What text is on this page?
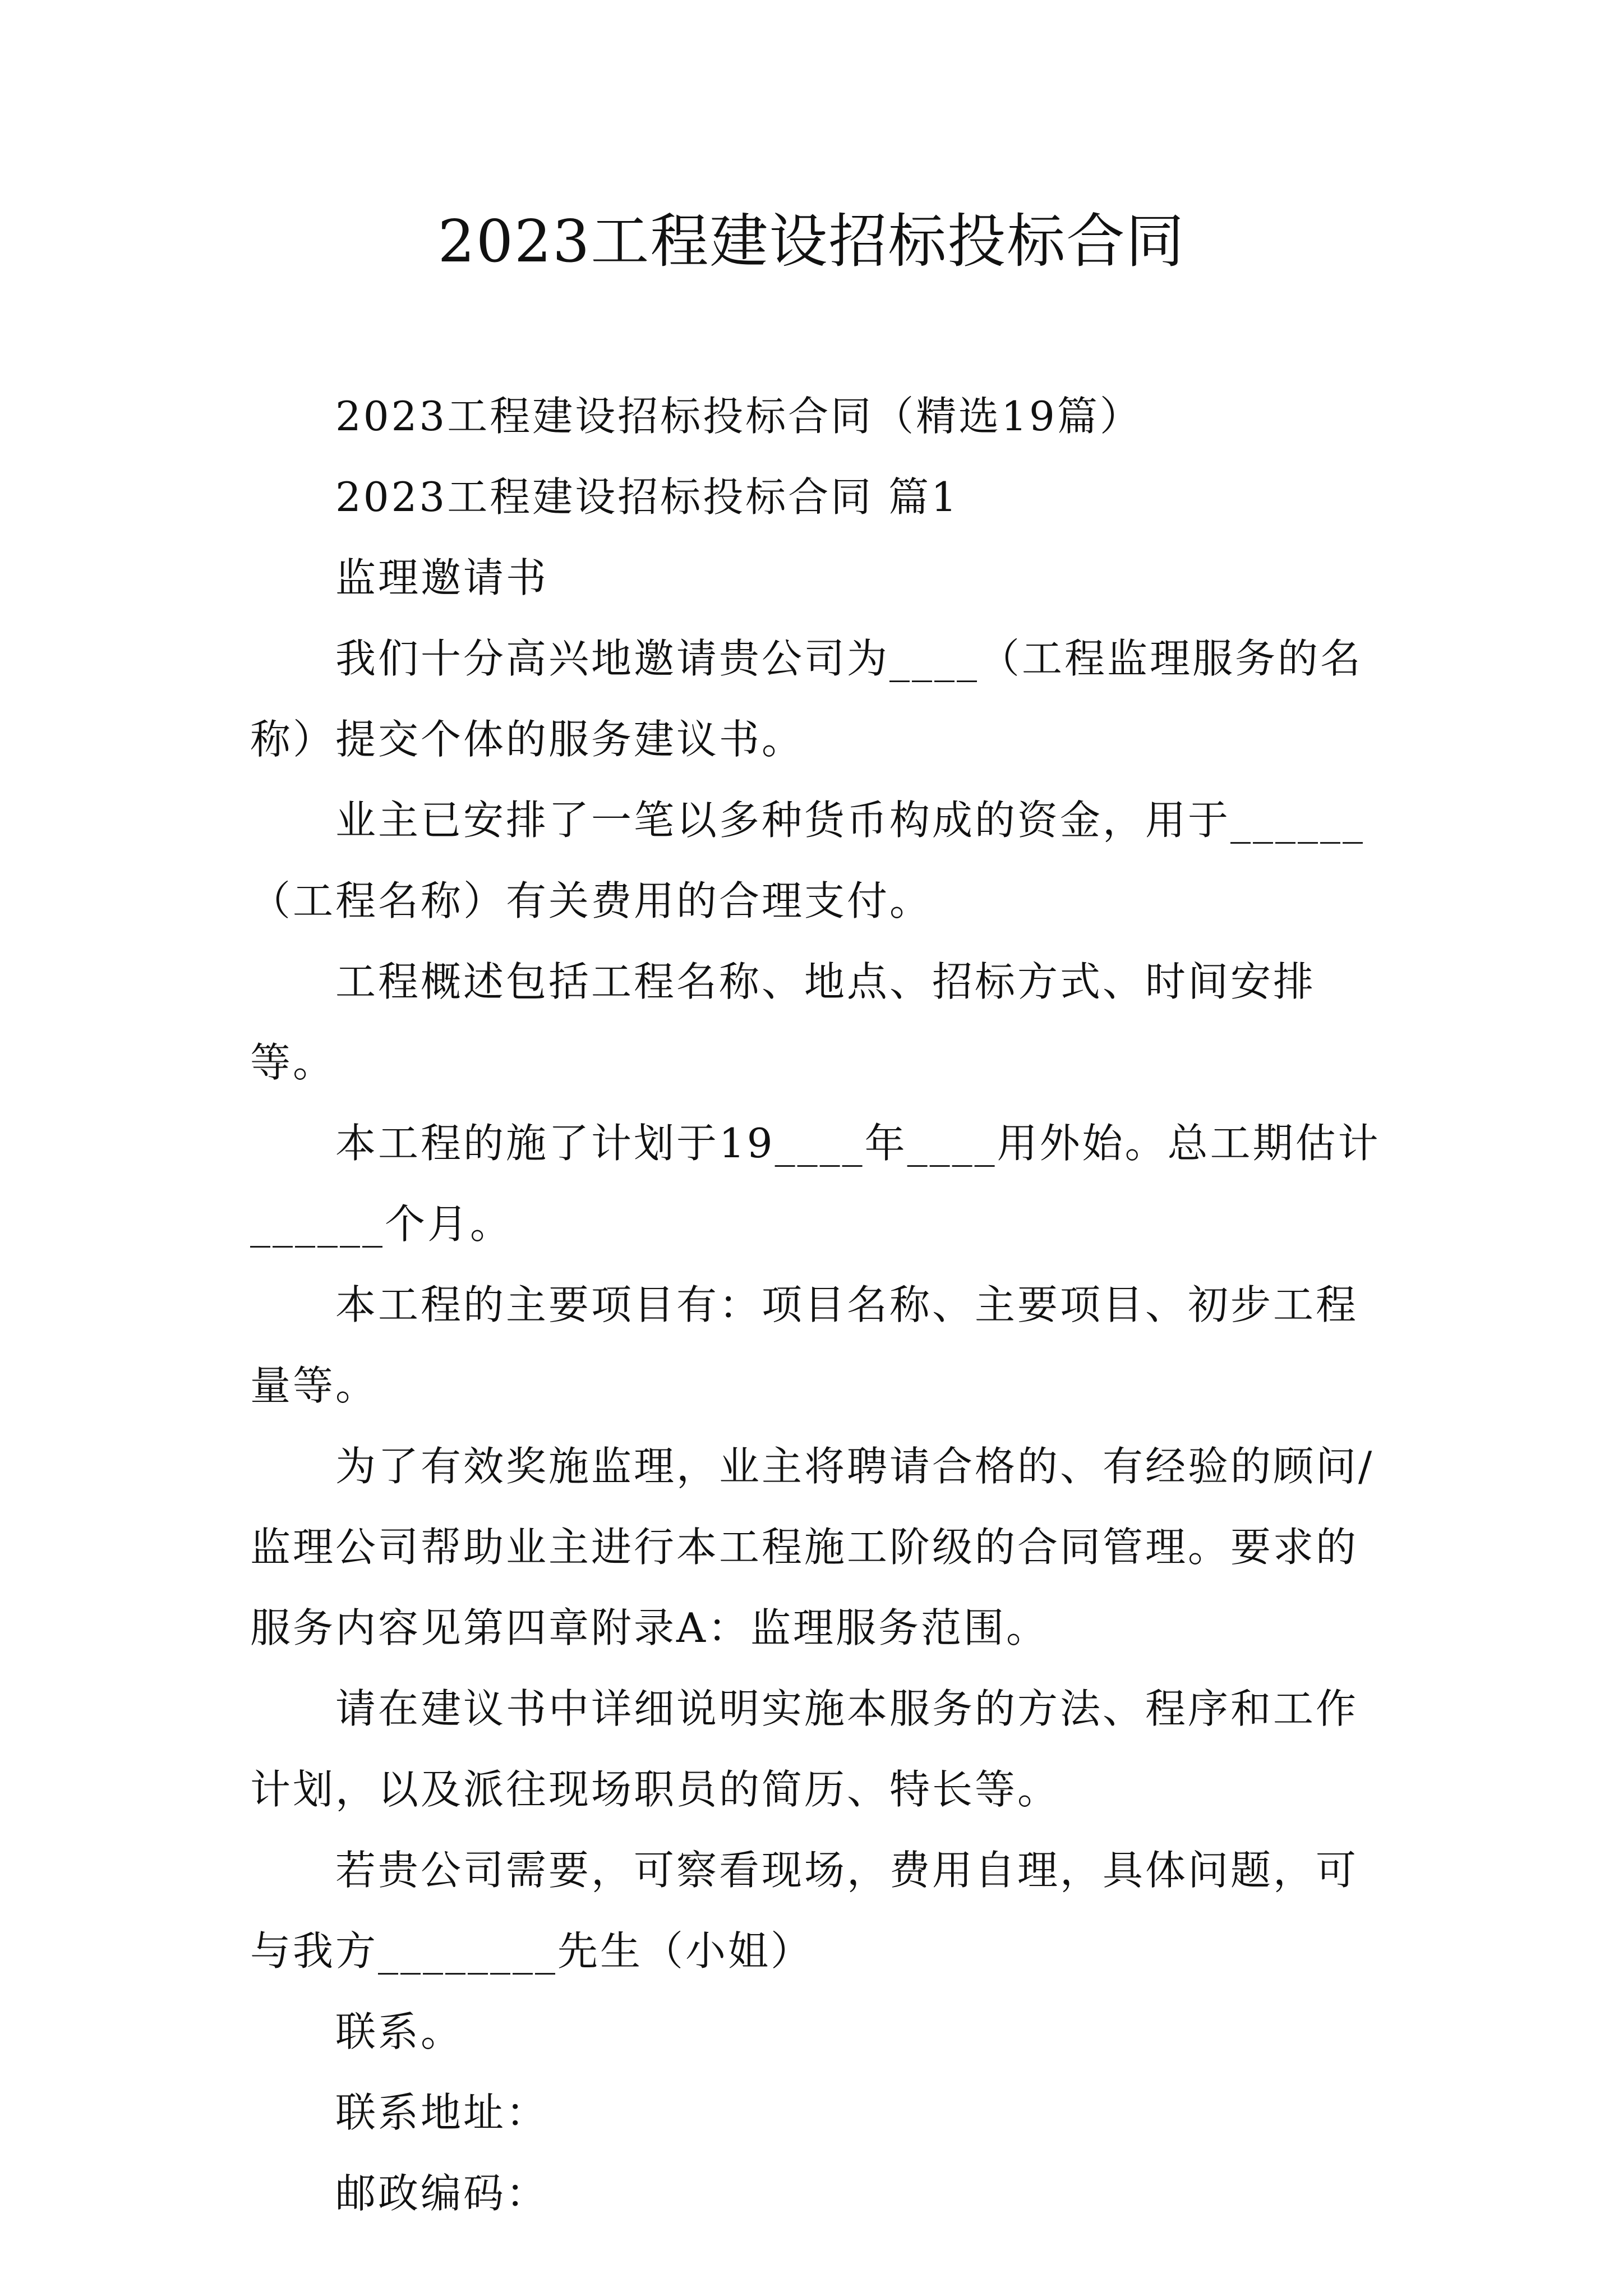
2023工程建设招标投标合同

2023工程建设招标投标合同（精选19篇）

2023工程建设招标投标合同 篇1

监理邀请书

我们十分高兴地邀请贵公司为____（工程监理服务的名称）提交个体的服务建议书。

业主已安排了一笔以多种货币构成的资金，用于______（工程名称）有关费用的合理支付。

工程概述包括工程名称、地点、招标方式、时间安排等。

本工程的施了计划于19____年____用外始。总工期估计______个月。

本工程的主要项目有：项目名称、主要项目、初步工程量等。

为了有效奖施监理，业主将聘请合格的、有经验的顾问/监理公司帮助业主进行本工程施工阶级的合同管理。要求的服务内容见第四章附录A：监理服务范围。

请在建议书中详细说明实施本服务的方法、程序和工作计划，以及派往现场职员的简历、特长等。

若贵公司需要，可察看现场，费用自理，具体问题，可与我方________先生（小姐）

联系。

联系地址：

邮政编码：
